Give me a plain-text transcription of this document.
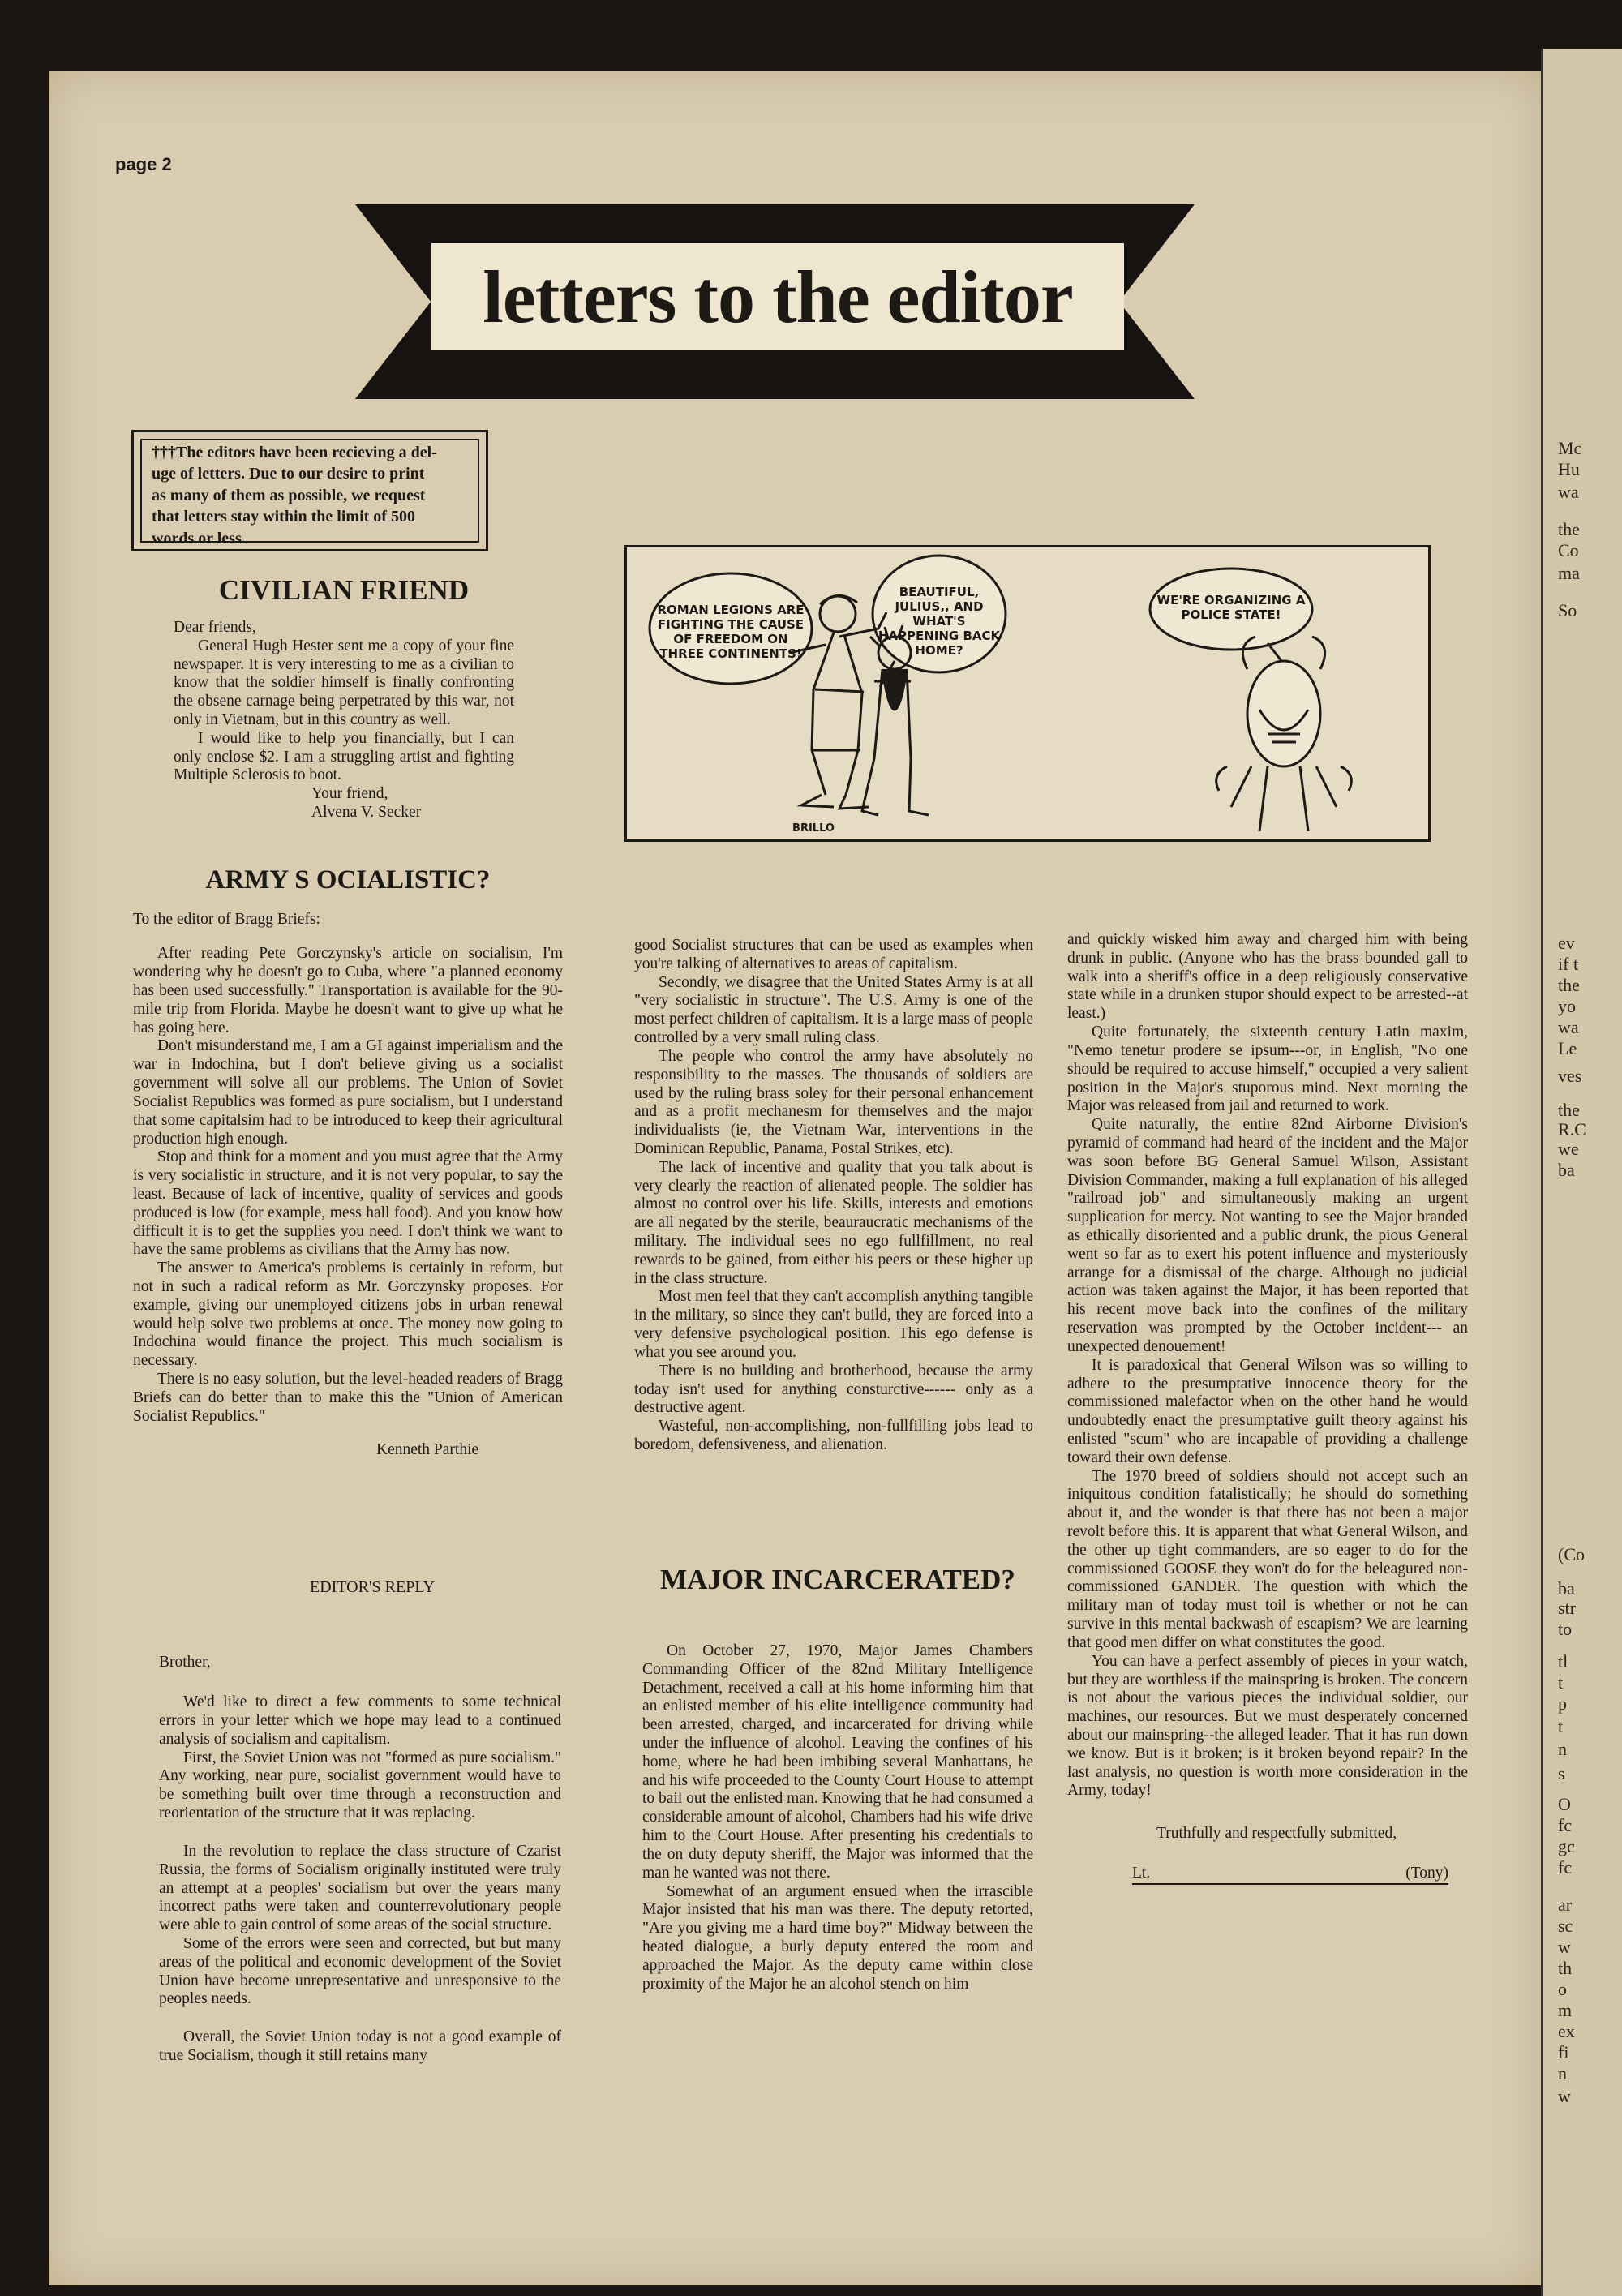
Mc
Hu
wa
the
Co
ma
So
ev
if t
the
yo
wa
Le
ves
the
R.C
we
ba
(Co
ba
str
to
tl
t
p
t
n
s
O
fc
gc
fc
ar
sc
w
th
o
m
ex
fi
n
w
page 2
letters to the editor

†††The editors have been recieving a del-

uge of letters. Due to our desire to print

as many of them as possible, we request

that letters stay within the limit of 500

words or less.

CIVILIAN FRIEND

Dear friends,

General Hugh Hester sent me a copy of your fine newspaper. It is very interesting to me as a civilian to know that the soldier himself is finally confronting the obsene carnage being perpetrated by this war, not only in Vietnam, but in this country as well.

I would like to help you financially, but I can only enclose $2. I am a struggling artist and fighting Multiple Sclerosis to boot.

Your friend,

Alvena V. Secker

ARMY S OCIALISTIC?

To the editor of Bragg Briefs:

After reading Pete Gorczynsky's article on socialism, I'm wondering why he doesn't go to Cuba, where "a planned economy has been used successfully." Transportation is available for the 90-mile trip from Florida. Maybe he doesn't want to give up what he has going here.

Don't misunderstand me, I am a GI against imperialism and the war in Indochina, but I don't believe giving us a socialist government will solve all our problems. The Union of Soviet Socialist Republics was formed as pure socialism, but I understand that some capitalsim had to be introduced to keep their agricultural production high enough.

Stop and think for a moment and you must agree that the Army is very socialistic in structure, and it is not very popular, to say the least. Because of lack of incentive, quality of services and goods produced is low (for example, mess hall food). And you know how difficult it is to get the supplies you need. I don't think we want to have the same problems as civilians that the Army has now.

The answer to America's problems is certainly in reform, but not in such a radical reform as Mr. Gorczynsky proposes. For example, giving our unemployed citizens jobs in urban renewal would help solve two problems at once. The money now going to Indochina would finance the project. This much socialism is necessary.

There is no easy solution, but the level-headed readers of Bragg Briefs can do better than to make this the "Union of American Socialist Republics."

Kenneth Parthie

EDITOR'S REPLY

Brother,

We'd like to direct a few comments to some technical errors in your letter which we hope may lead to a continued analysis of socialism and capitalism.

First, the Soviet Union was not "formed as pure socialism." Any working, near pure, socialist government would have to be something built over time through a reconstruction and reorientation of the structure that it was replacing.

In the revolution to replace the class structure of Czarist Russia, the forms of Socialism originally instituted were truly an attempt at a peoples' socialism but over the years many incorrect paths were taken and counterrevolutionary people were able to gain control of some areas of the social structure.

Some of the errors were seen and corrected, but but many areas of the political and economic development of the Soviet Union have become unrepresentative and unresponsive to the peoples needs.

Overall, the Soviet Union today is not a good example of true Socialism, though it still retains many

ROMAN LEGIONS ARE FIGHTING THE CAUSE OF FREEDOM ON THREE CONTINENTS!
BEAUTIFUL, JULIUS,, AND WHAT'S HAPPENING BACK HOME?
WE'RE ORGANIZING A POLICE STATE!
BRILLO

good Socialist structures that can be used as examples when you're talking of alternatives to areas of capitalism.

Secondly, we disagree that the United States Army is at all "very socialistic in structure". The U.S. Army is one of the most perfect children of capitalism. It is a large mass of people controlled by a very small ruling class.

The people who control the army have absolutely no responsibility to the masses. The thousands of soldiers are used by the ruling brass soley for their personal enhancement and as a profit mechanesm for themselves and the major individualists (ie, the Vietnam War, interventions in the Dominican Republic, Panama, Postal Strikes, etc).

The lack of incentive and quality that you talk about is very clearly the reaction of alienated people. The soldier has almost no control over his life. Skills, interests and emotions are all negated by the sterile, beauraucratic mechanisms of the military. The individual sees no ego fullfillment, no real rewards to be gained, from either his peers or these higher up in the class structure.

Most men feel that they can't accomplish anything tangible in the military, so since they can't build, they are forced into a very defensive psychological position. This ego defense is what you see around you.

There is no building and brotherhood, because the army today isn't used for anything consturctive------ only as a destructive agent.

Wasteful, non-accomplishing, non-fullfilling jobs lead to boredom, defensiveness, and alienation.

MAJOR INCARCERATED?

On October 27, 1970, Major James Chambers Commanding Officer of the 82nd Military Intelligence Detachment, received a call at his home informing him that an enlisted member of his elite intelligence community had been arrested, charged, and incarcerated for driving while under the influence of alcohol. Leaving the confines of his home, where he had been imbibing several Manhattans, he and his wife proceeded to the County Court House to attempt to bail out the enlisted man. Knowing that he had consumed a considerable amount of alcohol, Chambers had his wife drive him to the Court House. After presenting his credentials to the on duty deputy sheriff, the Major was informed that the man he wanted was not there.

Somewhat of an argument ensued when the irrascible Major insisted that his man was there. The deputy retorted, "Are you giving me a hard time boy?" Midway between the heated dialogue, a burly deputy entered the room and approached the Major. As the deputy came within close proximity of the Major he an alcohol stench on him

and quickly wisked him away and charged him with being drunk in public. (Anyone who has the brass bounded gall to walk into a sheriff's office in a deep religiously conservative state while in a drunken stupor should expect to be arrested--at least.)

Quite fortunately, the sixteenth century Latin maxim, "Nemo tenetur prodere se ipsum---or, in English, "No one should be required to accuse himself," occupied a very salient position in the Major's stuporous mind. Next morning the Major was released from jail and returned to work.

Quite naturally, the entire 82nd Airborne Division's pyramid of command had heard of the incident and the Major was soon before BG General Samuel Wilson, Assistant Division Commander, making a full explanation of his alleged "railroad job" and simultaneously making an urgent supplication for mercy. Not wanting to see the Major branded as ethically disoriented and a public drunk, the pious General went so far as to exert his potent influence and mysteriously arrange for a dismissal of the charge. Although no judicial action was taken against the Major, it has been reported that his recent move back into the confines of the military reservation was prompted by the October incident--- an unexpected denouement!

It is paradoxical that General Wilson was so willing to adhere to the presumptative innocence theory for the commissioned malefactor when on the other hand he would undoubtedly enact the presumptative guilt theory against his enlisted "scum" who are incapable of providing a challenge toward their own defense.

The 1970 breed of soldiers should not accept such an iniquitous condition fatalistically; he should do something about it, and the wonder is that there has not been a major revolt before this. It is apparent that what General Wilson, and the other up tight commanders, are so eager to do for the commissioned GOOSE they won't do for the beleagured non-commissioned GANDER. The question with which the military man of today must toil is whether or not he can survive in this mental backwash of escapism? We are learning that good men differ on what constitutes the good.

You can have a perfect assembly of pieces in your watch, but they are worthless if the mainspring is broken. The concern is not about the various pieces the individual soldier, our machines, our resources. But we must desperately concerned about our mainspring--the alleged leader. That it has run down we know. But is it broken; is it broken beyond repair? In the last analysis, no question is worth more consideration in the Army, today!

Truthfully and respectfully submitted,

Lt.	(Tony)
